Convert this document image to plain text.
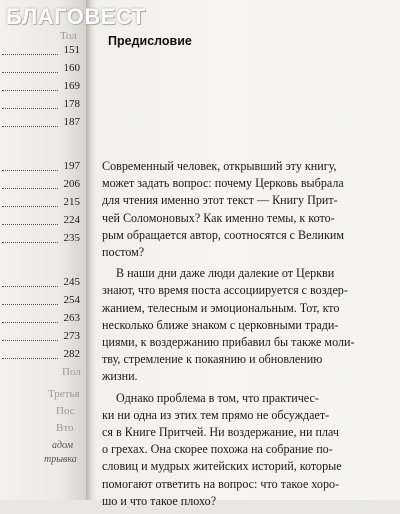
Тол
151
160
169
178
187
197
206
215
224
235
245
254
263
273
282
Пол
Третья
Пос
Вто
адом
трывка
Предисловие
Современный человек, открывший эту книгу,
может задать вопрос: почему Церковь выбрала
для чтения именно этот текст — Книгу Прит-
чей Соломоновых? Как именно темы, к кото-
рым обращается автор, соотносятся с Великим
постом?
В наши дни даже люди далекие от Церкви
знают, что время поста ассоциируется с воздер-
жанием, телесным и эмоциональным. Тот, кто
несколько ближе знаком с церковными тради-
циями, к воздержанию прибавил бы также моли-
тву, стремление к покаянию и обновлению
жизни.
Однако проблема в том, что практичес-
ки ни одна из этих тем прямо не обсуждает-
ся в Книге Притчей. Ни воздержание, ни плач
о грехах. Она скорее похожа на собрание по-
словиц и мудрых житейских историй, которые
помогают ответить на вопрос: что такое хоро-
шо и что такое плохо?
БЛАГОВЕСТ
